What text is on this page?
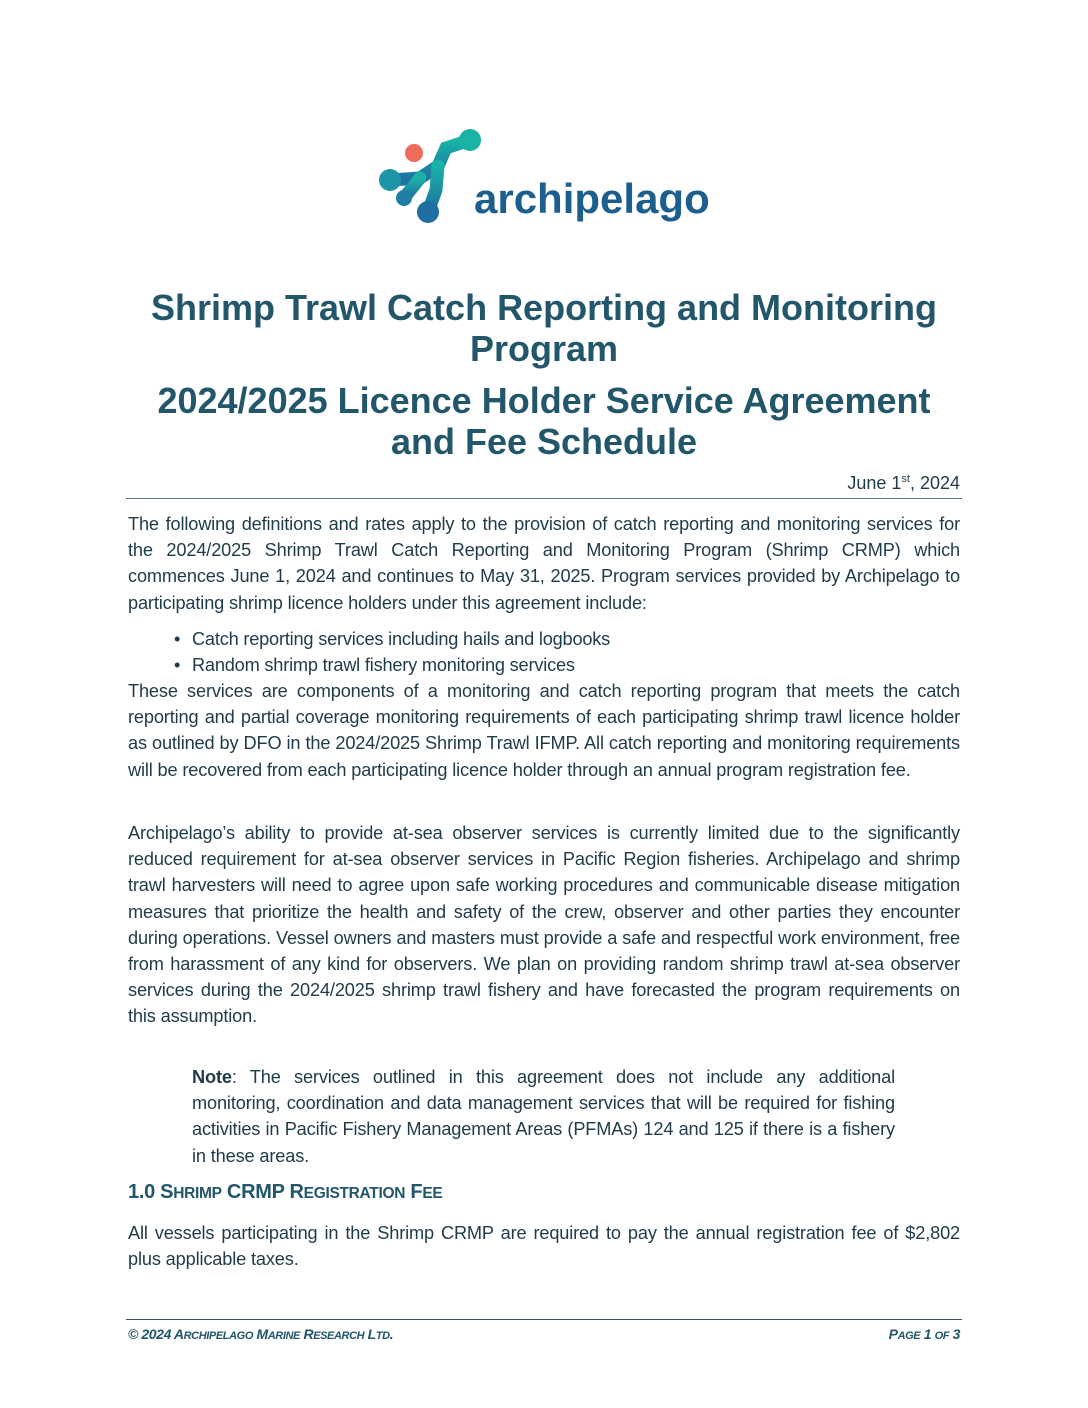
archipelago
Shrimp Trawl Catch Reporting and Monitoring Program
2024/2025 Licence Holder Service Agreement and Fee Schedule
June 1st, 2024

The following definitions and rates apply to the provision of catch reporting and monitoring services for the 2024/2025 Shrimp Trawl Catch Reporting and Monitoring Program (Shrimp CRMP) which commences June 1, 2024 and continues to May 31, 2025. Program services provided by Archipelago to participating shrimp licence holders under this agreement include:

• Catch reporting services including hails and logbooks
• Random shrimp trawl fishery monitoring services

These services are components of a monitoring and catch reporting program that meets the catch reporting and partial coverage monitoring requirements of each participating shrimp trawl licence holder as outlined by DFO in the 2024/2025 Shrimp Trawl IFMP. All catch reporting and monitoring requirements will be recovered from each participating licence holder through an annual program registration fee.

Archipelago’s ability to provide at-sea observer services is currently limited due to the significantly reduced requirement for at-sea observer services in Pacific Region fisheries. Archipelago and shrimp trawl harvesters will need to agree upon safe working procedures and communicable disease mitigation measures that prioritize the health and safety of the crew, observer and other parties they encounter during operations. Vessel owners and masters must provide a safe and respectful work environment, free from harassment of any kind for observers. We plan on providing random shrimp trawl at-sea observer services during the 2024/2025 shrimp trawl fishery and have forecasted the program requirements on this assumption.

Note: The services outlined in this agreement does not include any additional monitoring, coordination and data management services that will be required for fishing activities in Pacific Fishery Management Areas (PFMAs) 124 and 125 if there is a fishery in these areas.

1.0 SHRIMP CRMP REGISTRATION FEE

All vessels participating in the Shrimp CRMP are required to pay the annual registration fee of $2,802 plus applicable taxes.

© 2024 ARCHIPELAGO MARINE RESEARCH LTD.	PAGE 1 OF 3
